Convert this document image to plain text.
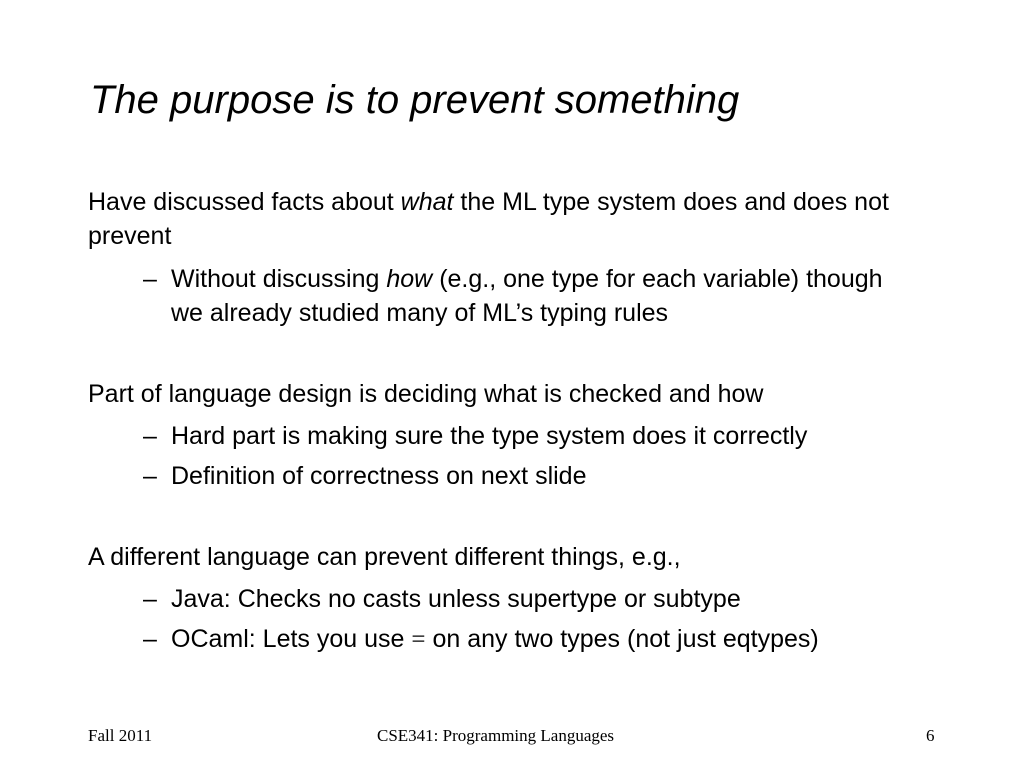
The purpose is to prevent something
Have discussed facts about what the ML type system does and does not prevent
– Without discussing how (e.g., one type for each variable) though we already studied many of ML’s typing rules
Part of language design is deciding what is checked and how
– Hard part is making sure the type system does it correctly
– Definition of correctness on next slide
A different language can prevent different things, e.g.,
– Java: Checks no casts unless supertype or subtype
– OCaml: Lets you use = on any two types (not just eqtypes)
Fall 2011	CSE341: Programming Languages	6
